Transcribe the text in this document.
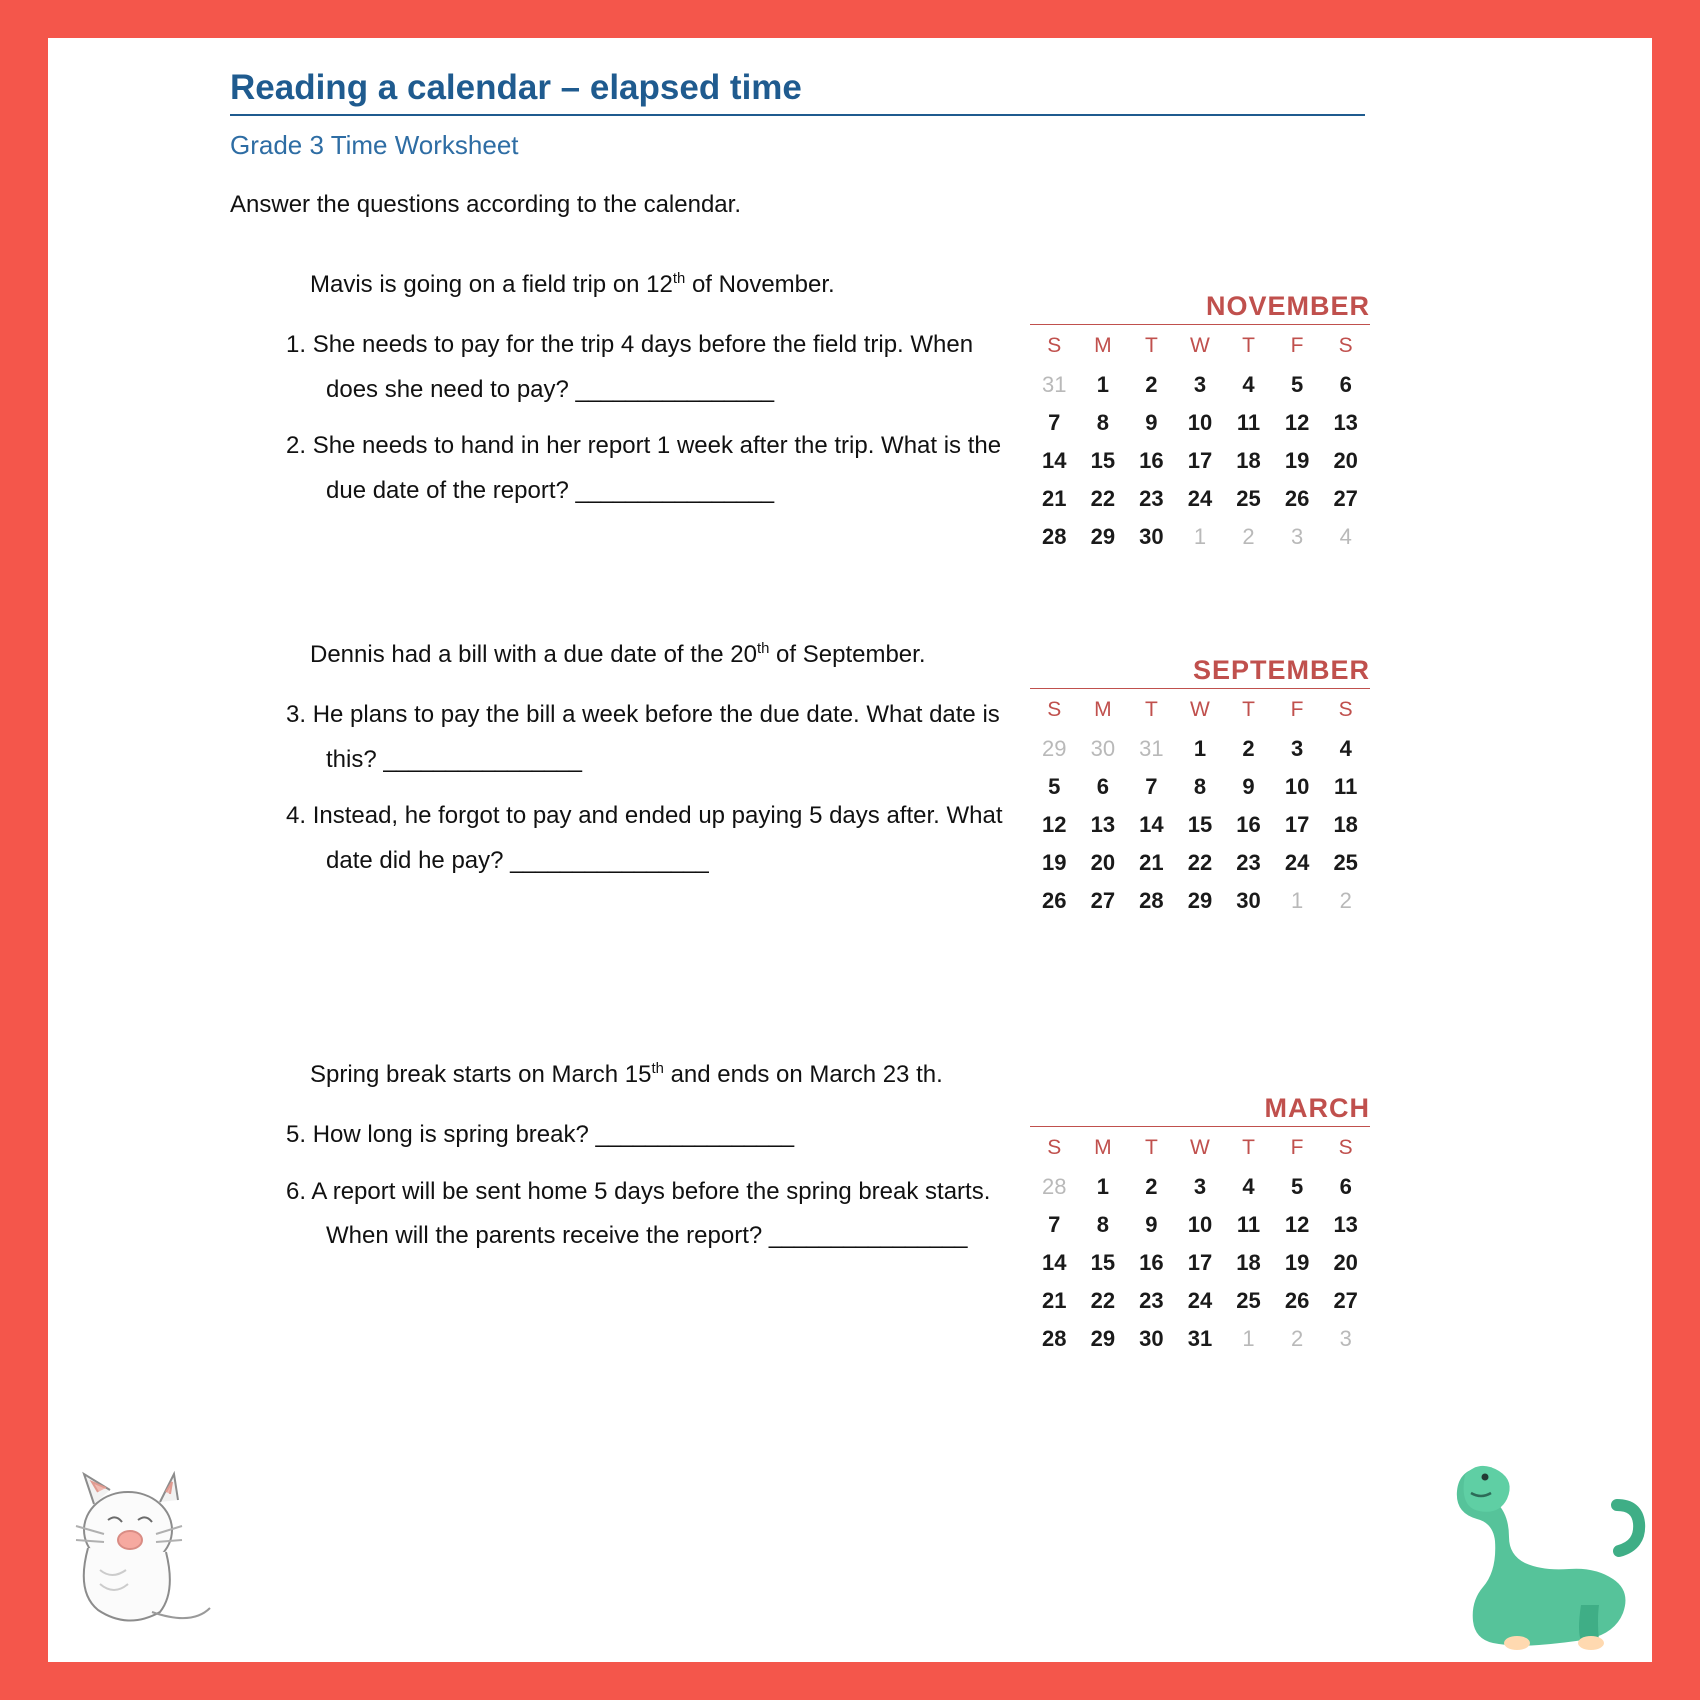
Reading a calendar – elapsed time
Grade 3 Time Worksheet
Answer the questions according to the calendar.
Mavis is going on a field trip on 12th of November.
1. She needs to pay for the trip 4 days before the field trip. When does she need to pay? ________________
2. She needs to hand in her report 1 week after the trip. What is the due date of the report? ________________
NOVEMBER
S	M	T	W	T	F	S
31	1	2	3	4	5	6
7	8	9	10	11	12	13
14	15	16	17	18	19	20
21	22	23	24	25	26	27
28	29	30	1	2	3	4
Dennis had a bill with a due date of the 20th of September.
3. He plans to pay the bill a week before the due date. What date is this? ________________
4. Instead, he forgot to pay and ended up paying 5 days after. What date did he pay? ________________
SEPTEMBER
S	M	T	W	T	F	S
29	30	31	1	2	3	4
5	6	7	8	9	10	11
12	13	14	15	16	17	18
19	20	21	22	23	24	25
26	27	28	29	30	1	2
Spring break starts on March 15th and ends on March 23 th.
5. How long is spring break? ________________
6. A report will be sent home 5 days before the spring break starts. When will the parents receive the report? ________________
MARCH
S	M	T	W	T	F	S
28	1	2	3	4	5	6
7	8	9	10	11	12	13
14	15	16	17	18	19	20
21	22	23	24	25	26	27
28	29	30	31	1	2	3
